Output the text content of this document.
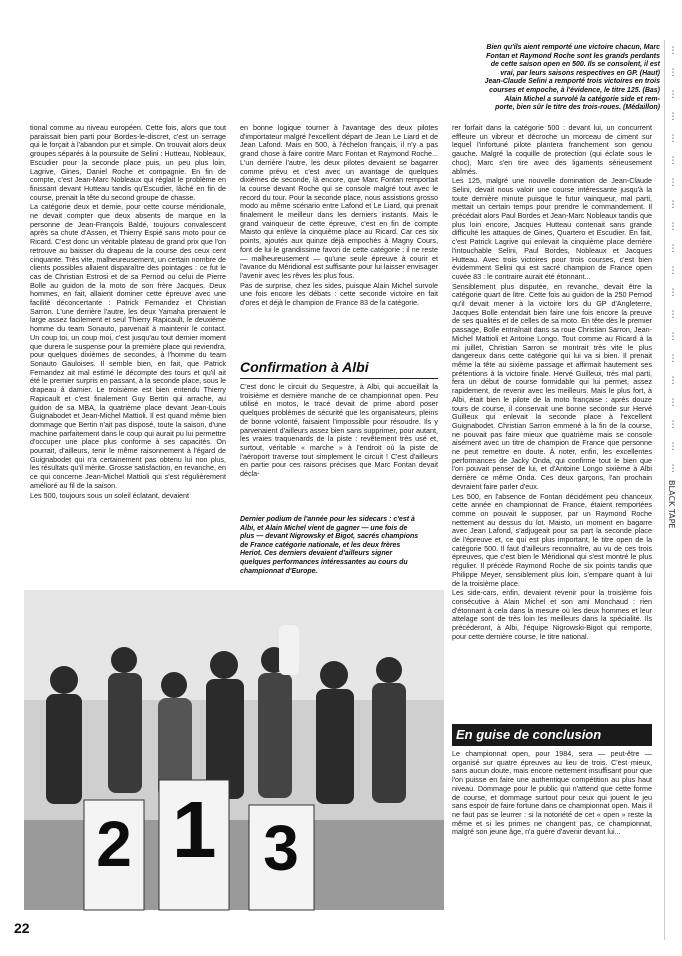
Bien qu'ils aient remporté une victoire chacun, Marc

Fontan et Raymond Roche sont les grands perdants

de cette saison open en 500. Ils se consolent, il est

vrai, par leurs saisons respectives en GP. (Haut)

Jean-Claude Selini a remporté trois victoires en trois

courses et empoche, à l'évidence, le titre 125. (Bas)

Alain Michel a survolé la catégorie side et rem-

porte, bien sûr le titre des trois-roues. (Médaillon)

tional comme au niveau européen. Cette fois, alors que tout paraissait bien parti pour Bordes-le-discret, c'est un serrage qui le forçait à l'abandon pur et simple. On trouvait alors deux groupes séparés à la poursuite de Selini : Hutteau, Nobleaux, Escudier pour la seconde place puis, un peu plus loin, Lagrive, Gines, Daniel Roche et compagnie. En fin de compte, c'est Jean-Marc Nobleaux qui réglait le problème en finissant devant Hutteau tandis qu'Escudier, lâché en fin de course, prenait la tête du second groupe de chasse.

La catégorie deux et demie, pour cette course méridionale, ne devait compter que deux absents de marque en la personne de Jean-François Baldé, toujours convalescent après sa chute d'Assen, et Thierry Espié sans moto pour ce Ricard. C'est donc un véritable plateau de grand prix que l'on retrouve au baisser du drapeau de la course des ceux cent cinquante. Très vite, malheureusement, un certain nombre de clients possibles allaient disparaître des pointages : ce fut le cas de Christian Estrosi et de sa Pernod ou celui de Pierre Bolle au guidon de la moto de son frère Jacques. Deux hommes, en fait, allaient dominer cette épreuve avec une facilité déconcertante : Patrick Fernandez et Christian Sarron. L'une derrière l'autre, les deux Yamaha prenaient le large assez facilement et seul Thierry Rapicault, le deuxième homme du team Sonauto, parvenait à maintenir le contact. Un coup toi, un coup moi, c'est jusqu'au tout dernier moment que durera le suspense pour la première place qui reviendra, pour quelques dixièmes de secondes, à l'homme du team Sonauto Gauloises. Il semble bien, en fait, que Patrick Fernandez ait mal estimé le décompte des tours et qu'il ait été le premier surpris en passant, à la seconde place, sous le drapeau à damier. Le troisième est bien entendu Thierry Rapicault et c'est finalement Guy Bertin qui arrache, au guidon de sa MBA, la quatrième place devant Jean-Louis Guignabodet et Jean-Michel Mattioli. Il est quand même bien dommage que Bertin n'ait pas disposé, toute la saison, d'une machine parfaitement dans le coup qui aurait pu lui permettre d'occuper une place plus conforme à ses capacités. On pourrait, d'ailleurs, tenir le même raisonnement à l'égard de Guignabodet qui n'a certainement pas obtenu lui non plus, les résultats qu'il mérite. Grosse satisfaction, en revanche, en ce qui concerne Jean-Michel Mattioli qui s'est régulièrement amélioré au fil de la saison.

Les 500, toujours sous un soleil éclatant, devaient

en bonne logique tourner à l'avantage des deux pilotes d'importateur malgré l'excellent départ de Jean Le Liard et de Jean Lafond. Mais en 500, à l'échelon français, il n'y a pas grand chose à faire contre Marc Fontan et Raymond Roche... L'un derrière l'autre, les deux pilotes devaient se bagarrer comme prévu et c'est avec un avantage de quelques dixièmes de seconde, là encore, que Marc Fontan remportait la course devant Roche qui se console malgré tout avec le record du tour. Pour la seconde place, nous assistions grosso modo au même scénario entre Lafond et Le Liard, qui prenait finalement le meilleur dans les derniers instants. Mais le grand vainqueur de cette épreuve, c'est en fin de compte Maisto qui enlève la cinquième place au Ricard. Car ces six points, ajoutés aux quinze déjà empochés à Magny Cours, font de lui le grandissime favori de cette catégorie : il ne reste — malheureusement — qu'une seule épreuve à courir et l'avance du Méridional est suffisante pour lui laisser envisager l'avenir avec les rêves les plus fous.

Pas de surprise, chez les sides, puisque Alain Michel survole une fois encore les débats : cette seconde victoire en fait d'ores et déjà le champion de France 83 de la catégorie.

Confirmation à Albi

C'est donc le circuit du Sequestre, à Albi, qui accueillait la troisième et dernière manche de ce championnat open. Peu utilisé en motos, le tracé devait de prime abord poser quelques problèmes de sécurité que les organisateurs, pleins de bonne volonté, faisaient l'impossible pour résoudre. Ils y parvenaient d'ailleurs assez bien sans supprimer, pour autant, les vraies traquenards de la piste : revêtement très usé et, surtout, véritable « marche » à l'endroit où la piste de l'aéroport traverse tout simplement le circuit ! C'est d'ailleurs en partie pour ces raisons précises que Marc Fontan devait décla-

Dernier podium de l'année pour les sidecars : c'est à

Albi, et Alain Michel vient de gagner — une fois de

plus — devant Nigrowsky et Bigot, sacrés champions

de France catégorie nationale, et les deux frères

Heriot. Ces derniers devaient d'ailleurs signer

quelques performances intéressantes au cours du

championnat d'Europe.

rer forfait dans la catégorie 500 : devant lui, un concurrent effleure un vibreur et décroche un morceau de ciment sur lequel l'infortuné pilote plantera franchement son genou gauche. Malgré la coquille de protection (qui éclate sous le choc), Marc s'en tire avec des ligaments sérieusement abîmés.

Les 125, malgré une nouvelle domination de Jean-Claude Selini, devait nous valoir une course intéressante jusqu'à la toute dernière minute puisque le futur vainqueur, mal parti, mettait un certain temps pour prendre le commandement. Il précédait alors Paul Bordes et Jean-Marc Nobleaux tandis que plus loin encore, Jacques Hutteau contenait sans grande difficulté les attaques de Gines, Quartero et Escudier. En fait, c'est Patrick Lagrive qui enlevait la cinquième place derrière l'intouchable Selini, Paul Bordes, Nobleaux et Jacques Hutteau. Avec trois victoires pour trois courses, c'est bien évidemment Selini qui est sacré champion de France open cuvée 83 : le contraire aurait été étonnant...

Sensiblement plus disputée, en revanche, devait être la catégorie quart de litre. Cette fois au guidon de la 250 Pernod qu'il devait mener à la victoire lors du GP d'Angleterre, Jacques Bolle entendait bien faire une fois encore la preuve de ses qualités et de celles de sa moto. En tête dès le premier passage, Bolle entraînait dans sa roue Christian Sarron, Jean-Michel Mattioli et Antoine Longo. Tout comme au Ricard à la mi juillet, Christian Sarron se montrait très vite le plus dangereux dans cette catégorie qui lui va si bien. Il prenait même la tête au sixième passage et affirmait hautement ses prétentions à la victoire finale. Hervé Guilleux, très mal parti, fera un début de course formidable qui lui permet, assez rapidement, de revenir avec les meilleurs. Mais le plus fort, à Albi, était bien le pilote de la moto française : après douze tours de course, il conservait une bonne seconde sur Hervé Guilleux qui enlevait la seconde place à l'excellent Guignabodet. Christian Sarron emmené à la fin de la course, ne pouvait pas faire mieux que quatrième mais se console aisément avec un titre de champion de France que personne ne peut remettre en doute. À noter, enfin, les excellentes performances de Jacky Onda, qui confirme tout le bien que l'on pouvait penser de lui, et d'Antoine Longo sixième à Albi derrière ce même Onda. Ces deux garçons, l'an prochain devraient faire parler d'eux.

Les 500, en l'absence de Fontan décidément peu chanceux cette année en championnat de France, étaient remportées comme on pouvait le supposer, par un Raymond Roche nettement au dessus du lot. Maisto, un moment en bagarre avec Jean Lafond, s'adjugeait pour sa part la seconde place de l'épreuve et, ce qui est plus important, le titre open de la catégorie 500. Il faut d'ailleurs reconnaître, au vu de ces trois épreuves, que c'est bien le Méridional qui s'est montré le plus régulier. Il précède Raymond Roche de six points tandis que Philippe Meyer, sensiblement plus loin, s'empare quant à lui de la troisième place.

Les side-cars, enfin, devaient revenir pour la troisième fois consécutive à Alain Michel et son ami Monchaud : rien d'étonnant à cela dans la mesure où les deux hommes et leur attelage sont de très loin les meilleurs dans la spécialité. Ils précéderont, à Albi, l'équipe Nigrowski-Bigot qui remporte, pour cette dernière course, le titre national.

En guise de conclusion

Le championnat open, pour 1984, sera — peut-être — organisé sur quatre épreuves au lieu de trois. C'est mieux, sans aucun doute, mais encore nettement insuffisant pour que l'on puisse en faire une authentique compétition au plus haut niveau. Dommage pour le public qui n'attend que cette forme de course, et dommage surtout pour ceux qui jouent le jeu sans espoir de faire fortune dans ce championnat open. Mais il ne faut pas se leurrer : si la notoriété de cet « open » reste la même et si les primes ne changent pas, ce championnat, malgré son jeune âge, n'a guère d'avenir devant lui...

2 1 3
22
⋮
⋮
⋮
⋮
⋮
⋮
⋮
⋮
⋮
⋮
⋮
⋮
⋮
⋮
⋮
⋮
⋮
⋮
⋮
⋮
BLACK TAPE
